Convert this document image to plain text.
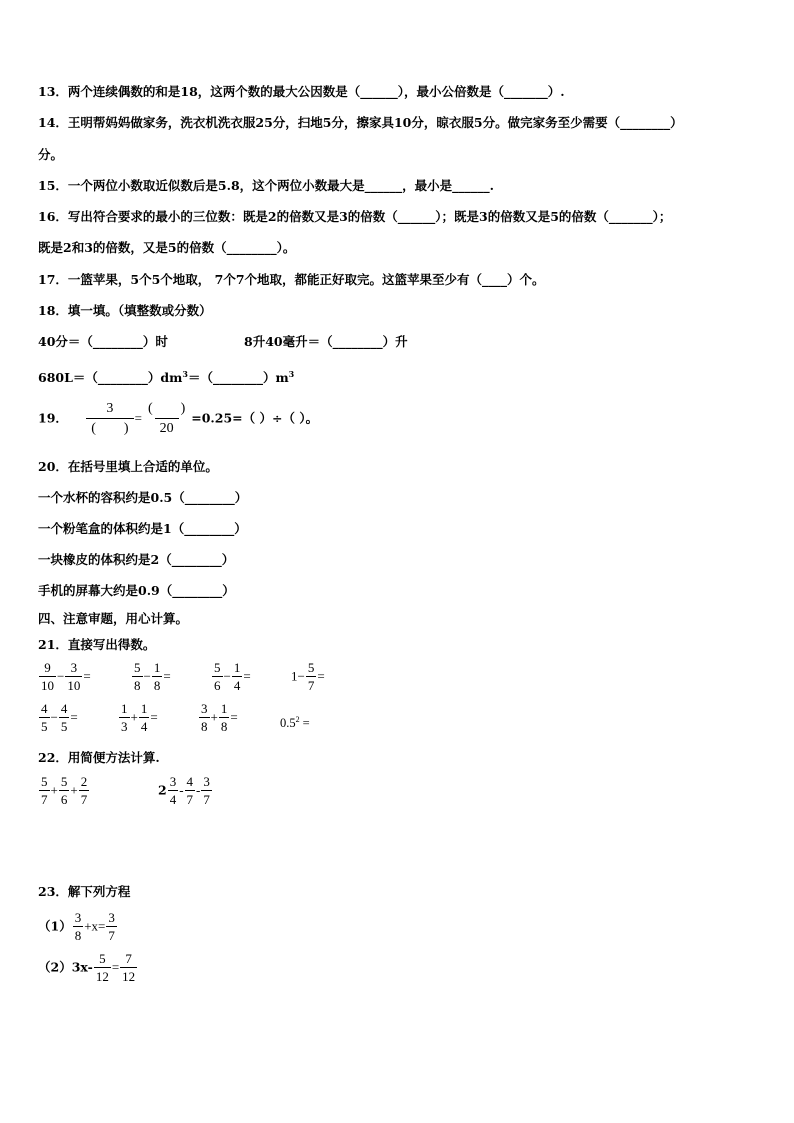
13．两个连续偶数的和是18，这两个数的最大公因数是（______），最小公倍数是（_______）.
14．王明帮妈妈做家务，洗衣机洗衣服25分，扫地5分，擦家具10分，晾衣服5分。做完家务至少需要（________）
分。
15．一个两位小数取近似数后是5.8，这个两位小数最大是______，最小是______.
16．写出符合要求的最小的三位数：既是2的倍数又是3的倍数（______）；既是3的倍数又是5的倍数（_______）；
既是2和3的倍数，又是5的倍数（________）。
17．一篮苹果，5个5个地取， 7个7个地取，都能正好取完。这篮苹果至少有（____）个。
18．填一填。（填整数或分数）
40分＝（________）时	8升40毫升＝（________）升
$680L=(\_\_\_\_\_\_\_\_)dm^3=(\_\_\_\_\_\_\_\_)m^3$
19． $\frac{3}{( )} = \frac{( )}{20} =0.25=$（ ）÷（ ）。
20．在括号里填上合适的单位。
一个水杯的容积约是0.5（________）
一个粉笔盒的体积约是1（________）
一块橡皮的体积约是2（________）
手机的屏幕大约是0.9（________）
四、注意审题，用心计算。
21．直接写出得数。
$\frac{9}{10} - \frac{3}{10}$ =	$\frac{5}{8} - \frac{1}{8}$ =	$\frac{5}{6} - \frac{1}{4}$ =	$1- \frac{5}{7}$ =
$\frac{4}{5} - \frac{4}{5}$ =	$\frac{1}{3} + \frac{1}{4}$ =	$\frac{3}{8} + \frac{1}{8}$ =	$0.5^2$ =
22．用简便方法计算.
$\frac{5}{7} + \frac{5}{6} + \frac{2}{7}$	$2 \frac{3}{4} - \frac{4}{7} - \frac{3}{7}$
23．解下列方程
$(1) \frac{3}{8} +x= \frac{3}{7}$
$(2)3x- \frac{5}{12} = \frac{7}{12}$
